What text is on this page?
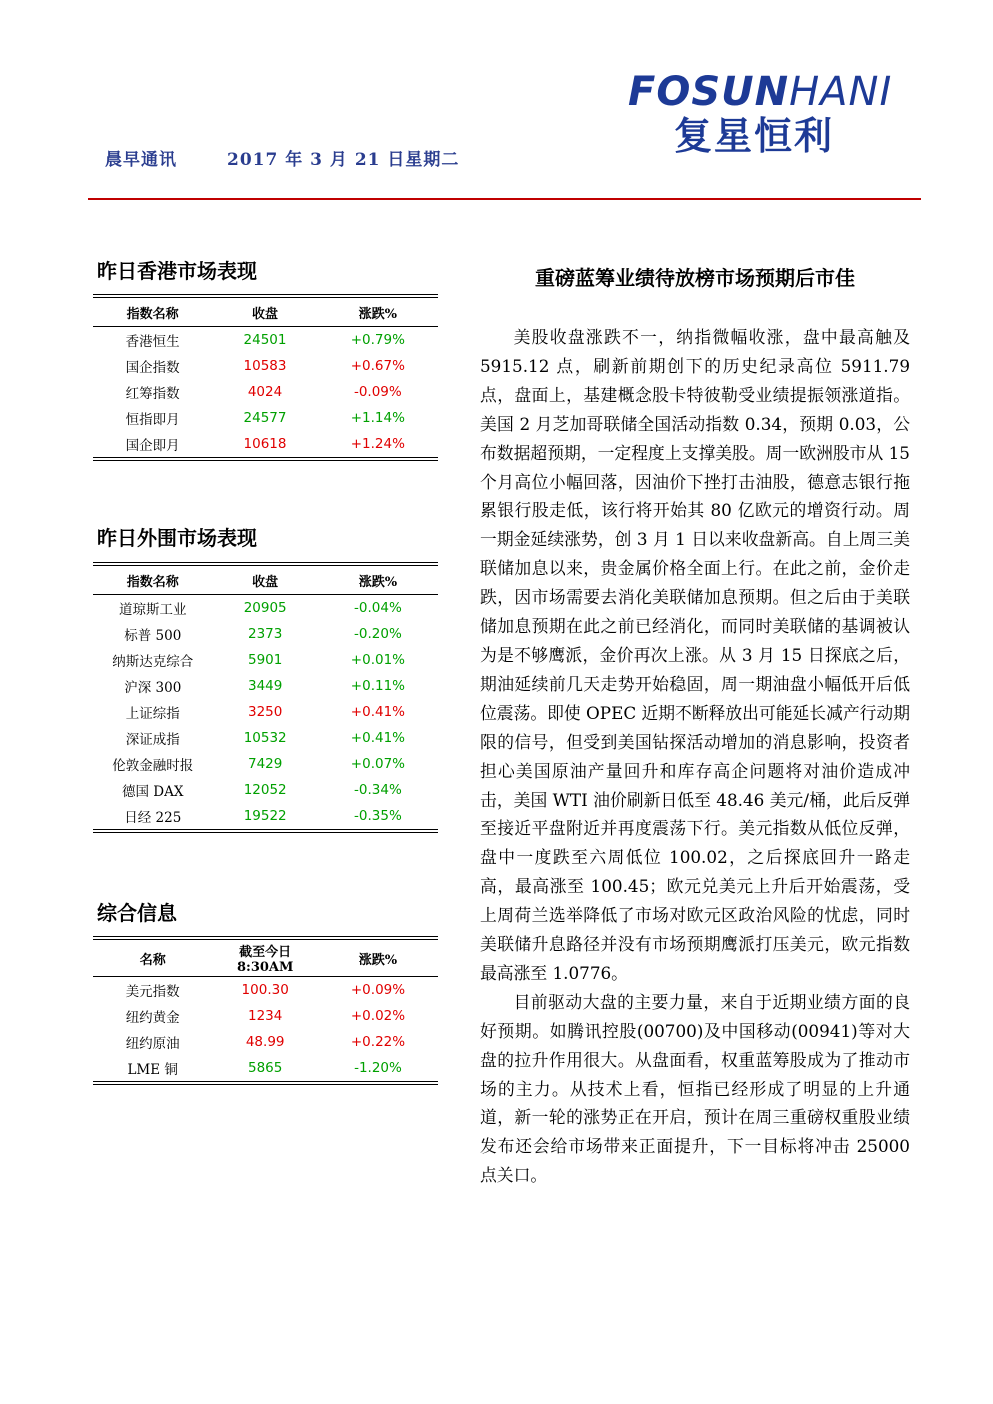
晨早通讯	2017 年 3 月 21 日星期二
FOSUNHANI
复星恒利
昨日香港市场表现
指数名称	收盘	涨跌%
香港恒生	24501	+0.79%
国企指数	10583	+0.67%
红筹指数	4024	-0.09%
恒指即月	24577	+1.14%
国企即月	10618	+1.24%
昨日外围市场表现
指数名称	收盘	涨跌%
道琼斯工业	20905	-0.04%
标普 500	2373	-0.20%
纳斯达克综合	5901	+0.01%
沪深 300	3449	+0.11%
上证综指	3250	+0.41%
深证成指	10532	+0.41%
伦敦金融时报	7429	+0.07%
德国 DAX	12052	-0.34%
日经 225	19522	-0.35%
综合信息
名称	截至今日 8:30AM	涨跌%
美元指数	100.30	+0.09%
纽约黄金	1234	+0.02%
纽约原油	48.99	+0.22%
LME 铜	5865	-1.20%
重磅蓝筹业绩待放榜市场预期后市佳

美股收盘涨跌不一，纳指微幅收涨，盘中最高触及 5915.12 点，刷新前期创下的历史纪录高位 5911.79 点，盘面上，基建概念股卡特彼勒受业绩提振领涨道指。美国 2 月芝加哥联储全国活动指数 0.34，预期 0.03，公布数据超预期，一定程度上支撑美股。周一欧洲股市从 15 个月高位小幅回落，因油价下挫打击油股，德意志银行拖累银行股走低，该行将开始其 80 亿欧元的增资行动。周一期金延续涨势，创 3 月 1 日以来收盘新高。自上周三美联储加息以来，贵金属价格全面上行。在此之前，金价走跌，因市场需要去消化美联储加息预期。但之后由于美联储加息预期在此之前已经消化，而同时美联储的基调被认为是不够鹰派，金价再次上涨。从 3 月 15 日探底之后，期油延续前几天走势开始稳固，周一期油盘小幅低开后低位震荡。即使 OPEC 近期不断释放出可能延长减产行动期限的信号，但受到美国钻探活动增加的消息影响，投资者担心美国原油产量回升和库存高企问题将对油价造成冲击，美国 WTI 油价刷新日低至 48.46 美元/桶，此后反弹至接近平盘附近并再度震荡下行。美元指数从低位反弹，盘中一度跌至六周低位 100.02，之后探底回升一路走高，最高涨至 100.45；欧元兑美元上升后开始震荡，受上周荷兰选举降低了市场对欧元区政治风险的忧虑，同时美联储升息路径并没有市场预期鹰派打压美元，欧元指数最高涨至 1.0776。

目前驱动大盘的主要力量，来自于近期业绩方面的良好预期。如腾讯控股(00700)及中国移动(00941)等对大盘的拉升作用很大。从盘面看，权重蓝筹股成为了推动市场的主力。从技术上看，恒指已经形成了明显的上升通道，新一轮的涨势正在开启，预计在周三重磅权重股业绩发布还会给市场带来正面提升，下一目标将冲击 25000 点关口。
